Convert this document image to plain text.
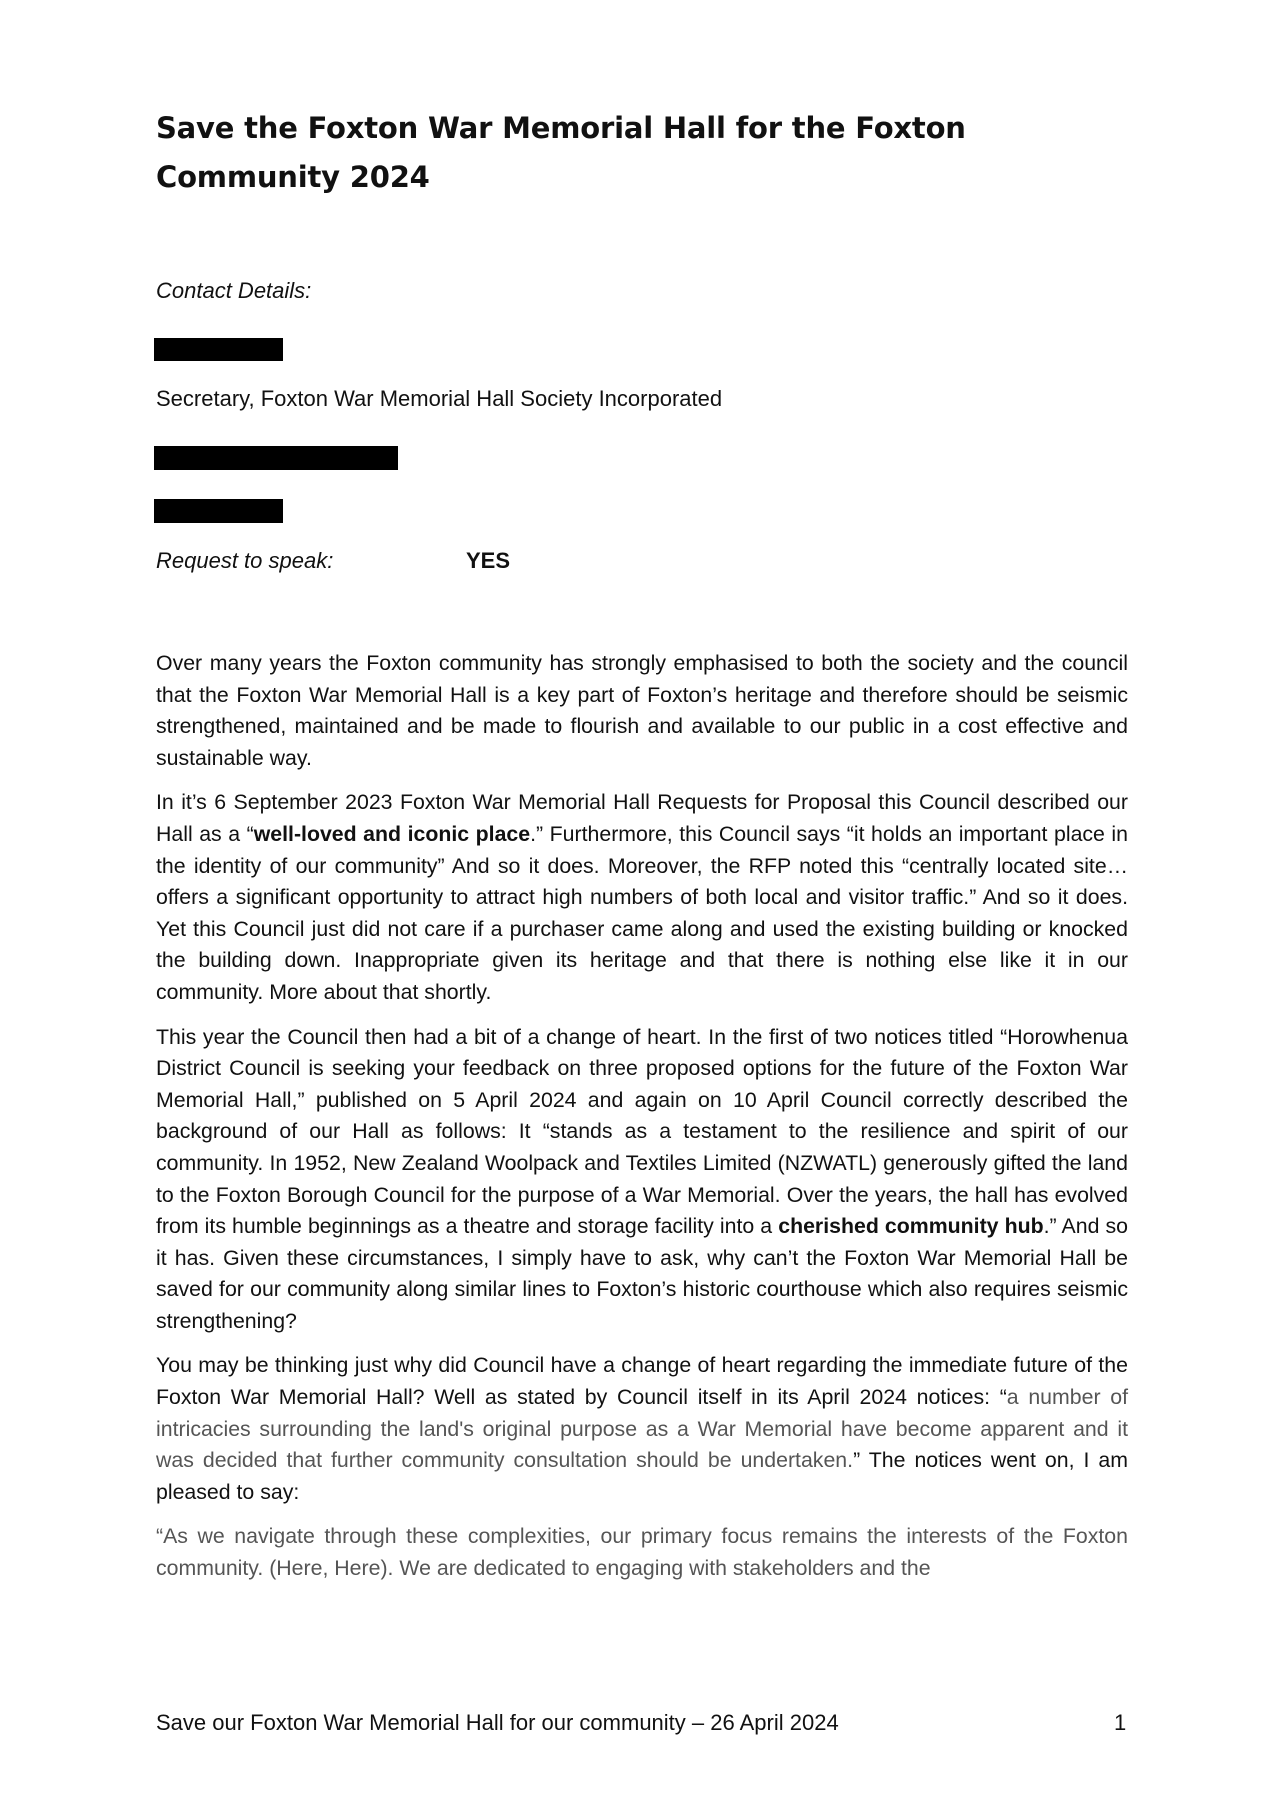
Save the Foxton War Memorial Hall for the Foxton Community 2024
Contact Details:
Secretary, Foxton War Memorial Hall Society Incorporated
Request to speak:	YES

Over many years the Foxton community has strongly emphasised to both the society and the council that the Foxton War Memorial Hall is a key part of Foxton’s heritage and therefore should be seismic strengthened, maintained and be made to flourish and available to our public in a cost effective and sustainable way.

In it’s 6 September 2023 Foxton War Memorial Hall Requests for Proposal this Council described our Hall as a “well-loved and iconic place.” Furthermore, this Council says “it holds an important place in the identity of our community” And so it does. Moreover, the RFP noted this “centrally located site…offers a significant opportunity to attract high numbers of both local and visitor traffic.” And so it does. Yet this Council just did not care if a purchaser came along and used the existing building or knocked the building down. Inappropriate given its heritage and that there is nothing else like it in our community. More about that shortly.

This year the Council then had a bit of a change of heart. In the first of two notices titled “Horowhenua District Council is seeking your feedback on three proposed options for the future of the Foxton War Memorial Hall,” published on 5 April 2024 and again on 10 April Council correctly described the background of our Hall as follows: It “stands as a testament to the resilience and spirit of our community. In 1952, New Zealand Woolpack and Textiles Limited (NZWATL) generously gifted the land to the Foxton Borough Council for the purpose of a War Memorial. Over the years, the hall has evolved from its humble beginnings as a theatre and storage facility into a cherished community hub.” And so it has. Given these circumstances, I simply have to ask, why can’t the Foxton War Memorial Hall be saved for our community along similar lines to Foxton’s historic courthouse which also requires seismic strengthening?

You may be thinking just why did Council have a change of heart regarding the immediate future of the Foxton War Memorial Hall? Well as stated by Council itself in its April 2024 notices: “a number of intricacies surrounding the land's original purpose as a War Memorial have become apparent and it was decided that further community consultation should be undertaken.” The notices went on, I am pleased to say:

“As we navigate through these complexities, our primary focus remains the interests of the Foxton community. (Here, Here). We are dedicated to engaging with stakeholders and the

Save our Foxton War Memorial Hall for our community – 26 April 2024	1
